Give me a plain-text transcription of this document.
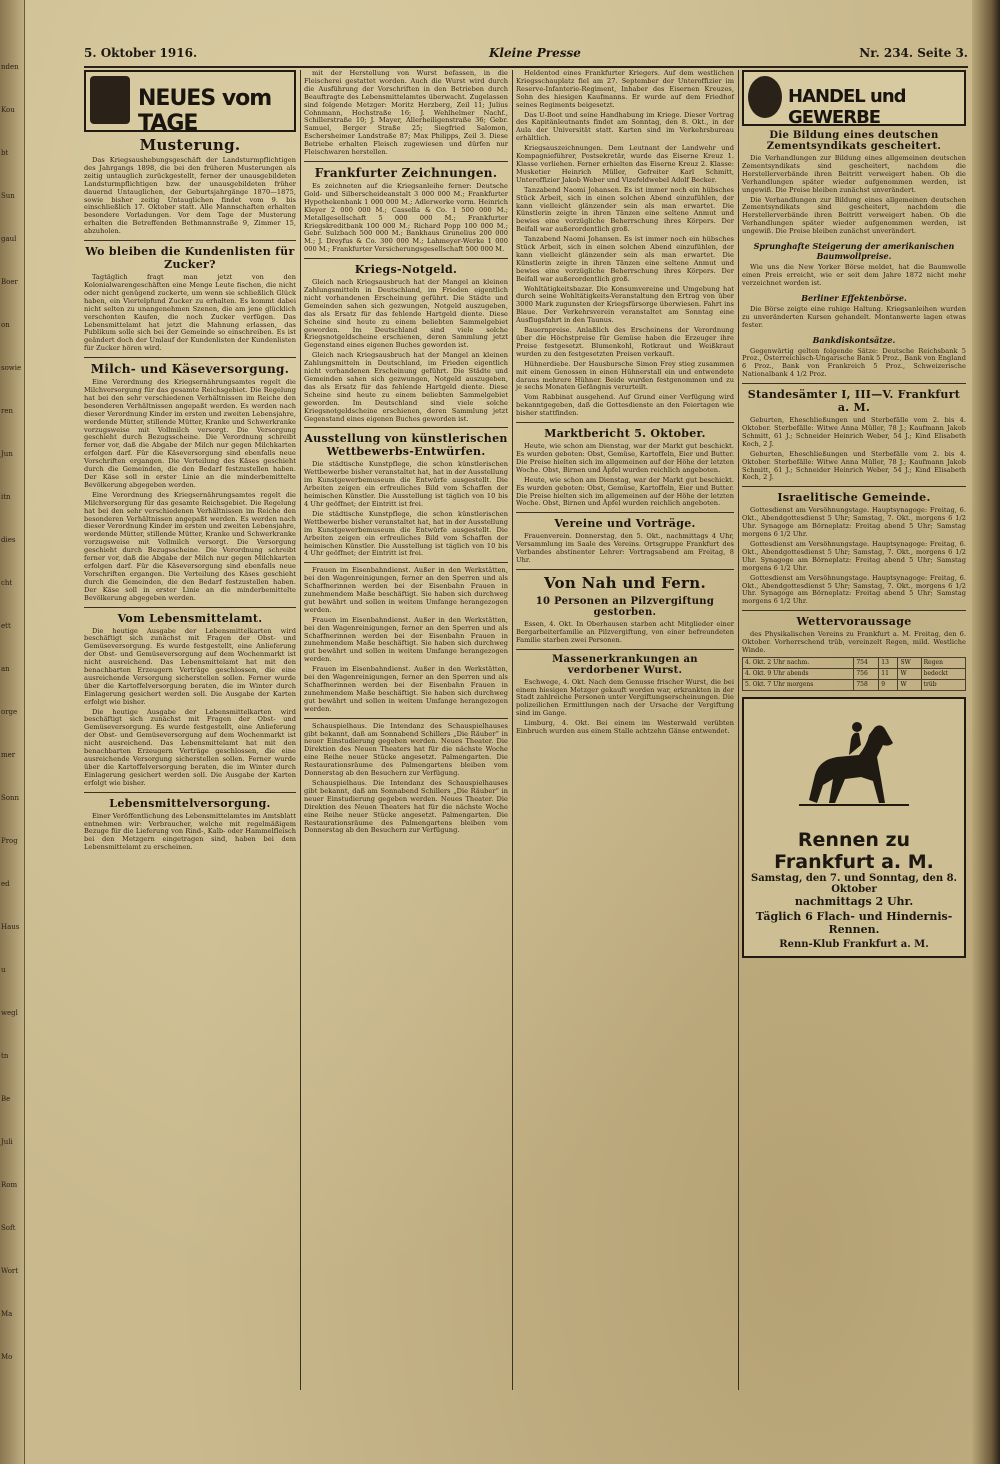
nden
Kou
bt
Sun
gaul
Boer
on
sowie
ren
Jun
itn
dies
cht
ett
an
orge
mer
Sonn
Prog
ed
Haus
u
wegl
tn
Be
Juli
Rom
Soft
Wort
Ma
Mo
5. Oktober 1916.	Kleine Presse	Nr. 234. Seite 3.
NEUES vom TAGE
Musterung.

Das Kriegsaushebungsgeschäft der Landsturmpflichtigen des Jahrgangs 1898, die bei den früheren Musterungen als zeitig untauglich zurückgestellt, ferner der unausgebildeten Landsturmpflichtigen bzw. der unausgebildeten früher dauernd Untauglichen, der Geburtsjahrgänge 1870—1875, sowie bisher zeitig Untauglichen findet vom 9. bis einschließlich 17. Oktober statt. Alle Mannschaften erhalten besondere Vorladungen. Vor dem Tage der Musterung erhalten die Betreffenden Bethmannstraße 9, Zimmer 15, abzuholen.

Wo bleiben die Kundenlisten für Zucker?

Tagtäglich fragt man jetzt von den Kolonialwarengeschäften eine Menge Leute fischen, die nicht oder nicht genügend zuckerte, um wenn sie schließlich Glück haben, ein Viertelpfund Zucker zu erhalten. Es kommt dabei nicht selten zu unangenehmen Szenen, die am jene glücklich verschonten Kaufen, die noch Zucker verfügen. Das Lebensmittelamt hat jetzt die Mahnung erlassen, das Publikum solle sich bei der Gemeinde so einschreiben. Es ist geändert doch der Umlauf der Kundenlisten der Kundenlisten für Zucker hören wird.

Milch- und Käseversorgung.

Eine Verordnung des Kriegsernährungsamtes regelt die Milchversorgung für das gesamte Reichsgebiet. Die Regelung hat bei den sehr verschiedenen Verhältnissen im Reiche den besonderen Verhältnissen angepaßt werden. Es werden nach dieser Verordnung Kinder im ersten und zweiten Lebensjahre, werdende Mütter, stillende Mütter, Kranke und Schwerkranke vorzugsweise mit Vollmilch versorgt. Die Versorgung geschieht durch Bezugsscheine. Die Verordnung schreibt ferner vor, daß die Abgabe der Milch nur gegen Milchkarten erfolgen darf. Für die Käseversorgung sind ebenfalls neue Vorschriften ergangen. Die Verteilung des Käses geschieht durch die Gemeinden, die den Bedarf festzustellen haben. Der Käse soll in erster Linie an die minderbemittelte Bevölkerung abgegeben werden.

Eine Verordnung des Kriegsernährungsamtes regelt die Milchversorgung für das gesamte Reichsgebiet. Die Regelung hat bei den sehr verschiedenen Verhältnissen im Reiche den besonderen Verhältnissen angepaßt werden. Es werden nach dieser Verordnung Kinder im ersten und zweiten Lebensjahre, werdende Mütter, stillende Mütter, Kranke und Schwerkranke vorzugsweise mit Vollmilch versorgt. Die Versorgung geschieht durch Bezugsscheine. Die Verordnung schreibt ferner vor, daß die Abgabe der Milch nur gegen Milchkarten erfolgen darf. Für die Käseversorgung sind ebenfalls neue Vorschriften ergangen. Die Verteilung des Käses geschieht durch die Gemeinden, die den Bedarf festzustellen haben. Der Käse soll in erster Linie an die minderbemittelte Bevölkerung abgegeben werden.

Vom Lebensmittelamt.

Die heutige Ausgabe der Lebensmittelkarten wird beschäftigt sich zunächst mit Fragen der Obst- und Gemüseversorgung. Es wurde festgestellt, eine Anlieferung der Obst- und Gemüseversorgung auf dem Wochenmarkt ist nicht ausreichend. Das Lebensmittelamt hat mit den benachbarten Erzeugern Verträge geschlossen, die eine ausreichende Versorgung sicherstellen sollen. Ferner wurde über die Kartoffelversorgung beraten, die im Winter durch Einlagerung gesichert werden soll. Die Ausgabe der Karten erfolgt wie bisher.

Die heutige Ausgabe der Lebensmittelkarten wird beschäftigt sich zunächst mit Fragen der Obst- und Gemüseversorgung. Es wurde festgestellt, eine Anlieferung der Obst- und Gemüseversorgung auf dem Wochenmarkt ist nicht ausreichend. Das Lebensmittelamt hat mit den benachbarten Erzeugern Verträge geschlossen, die eine ausreichende Versorgung sicherstellen sollen. Ferner wurde über die Kartoffelversorgung beraten, die im Winter durch Einlagerung gesichert werden soll. Die Ausgabe der Karten erfolgt wie bisher.

Lebensmittelversorgung.

Einer Veröffentlichung des Lebensmittelamtes im Amtsblatt entnehmen wir: Verbraucher, welche mit regelmäßigem Bezuge für die Lieferung von Rind-, Kalb- oder Hammelfleisch bei den Metzgern eingetragen sind, haben bei dem Lebensmittelamt zu erscheinen.

mit der Herstellung von Wurst befassen, in die Fleischerei gestattet worden. Auch die Wurst wird durch die Ausführung der Vorschriften in den Betrieben durch Beauftragte des Lebensmittelamtes überwacht. Zugelassen sind folgende Metzger: Moritz Herzberg, Zeil 11; Julius Cohnmann, Hochstraße 16; J. Wehlhelmer Nachf., Schillerstraße 10; J. Mayer, Allerheiligenstraße 36; Gebr. Samuel, Berger Straße 25; Siegfried Salomon, Eschersheimer Landstraße 87; Max Philipps, Zeil 3. Diese Betriebe erhalten Fleisch zugewiesen und dürfen nur Fleischwaren herstellen.

Frankfurter Zeichnungen.

Es zeichneten auf die Kriegsanleihe ferner: Deutsche Gold- und Silberscheideanstalt 3 000 000 M.; Frankfurter Hypothekenbank 1 000 000 M.; Adlerwerke vorm. Heinrich Kleyer 2 000 000 M.; Cassella & Co. 1 500 000 M.; Metallgesellschaft 5 000 000 M.; Frankfurter Kriegskreditbank 100 000 M.; Richard Popp 100 000 M.; Gebr. Sulzbach 500 000 M.; Bankhaus Grunelius 200 000 M.; J. Dreyfus & Co. 300 000 M.; Lahmeyer-Werke 1 000 000 M.; Frankfurter Versicherungsgesellschaft 500 000 M.

Kriegs-Notgeld.

Gleich nach Kriegsausbruch hat der Mangel an kleinen Zahlungsmitteln in Deutschland, im Frieden eigentlich nicht vorhandenen Erscheinung geführt. Die Städte und Gemeinden sahen sich gezwungen, Notgeld auszugeben, das als Ersatz für das fehlende Hartgeld diente. Diese Scheine sind heute zu einem beliebten Sammelgebiet geworden. Im Deutschland sind viele solche Kriegsnotgeldscheine erschienen, deren Sammlung jetzt Gegenstand eines eigenen Buches geworden ist.

Gleich nach Kriegsausbruch hat der Mangel an kleinen Zahlungsmitteln in Deutschland, im Frieden eigentlich nicht vorhandenen Erscheinung geführt. Die Städte und Gemeinden sahen sich gezwungen, Notgeld auszugeben, das als Ersatz für das fehlende Hartgeld diente. Diese Scheine sind heute zu einem beliebten Sammelgebiet geworden. Im Deutschland sind viele solche Kriegsnotgeldscheine erschienen, deren Sammlung jetzt Gegenstand eines eigenen Buches geworden ist.

Ausstellung von künstlerischen Wettbewerbs-Entwürfen.

Die städtische Kunstpflege, die schon künstlerischen Wettbewerbe bisher veranstaltet hat, hat in der Ausstellung im Kunstgewerbemuseum die Entwürfe ausgestellt. Die Arbeiten zeigen ein erfreuliches Bild vom Schaffen der heimischen Künstler. Die Ausstellung ist täglich von 10 bis 4 Uhr geöffnet; der Eintritt ist frei.

Die städtische Kunstpflege, die schon künstlerischen Wettbewerbe bisher veranstaltet hat, hat in der Ausstellung im Kunstgewerbemuseum die Entwürfe ausgestellt. Die Arbeiten zeigen ein erfreuliches Bild vom Schaffen der heimischen Künstler. Die Ausstellung ist täglich von 10 bis 4 Uhr geöffnet; der Eintritt ist frei.

Frauen im Eisenbahndienst. Außer in den Werkstätten, bei den Wagenreinigungen, ferner an den Sperren und als Schaffnerinnen werden bei der Eisenbahn Frauen in zunehmendem Maße beschäftigt. Sie haben sich durchweg gut bewährt und sollen in weitem Umfange herangezogen werden.

Frauen im Eisenbahndienst. Außer in den Werkstätten, bei den Wagenreinigungen, ferner an den Sperren und als Schaffnerinnen werden bei der Eisenbahn Frauen in zunehmendem Maße beschäftigt. Sie haben sich durchweg gut bewährt und sollen in weitem Umfange herangezogen werden.

Frauen im Eisenbahndienst. Außer in den Werkstätten, bei den Wagenreinigungen, ferner an den Sperren und als Schaffnerinnen werden bei der Eisenbahn Frauen in zunehmendem Maße beschäftigt. Sie haben sich durchweg gut bewährt und sollen in weitem Umfange herangezogen werden.

Schauspielhaus. Die Intendanz des Schauspielhauses gibt bekannt, daß am Sonnabend Schillers „Die Räuber“ in neuer Einstudierung gegeben werden. Neues Theater. Die Direktion des Neuen Theaters hat für die nächste Woche eine Reihe neuer Stücke angesetzt. Palmengarten. Die Restaurationsräume des Palmengartens bleiben vom Donnerstag ab den Besuchern zur Verfügung.

Schauspielhaus. Die Intendanz des Schauspielhauses gibt bekannt, daß am Sonnabend Schillers „Die Räuber“ in neuer Einstudierung gegeben werden. Neues Theater. Die Direktion des Neuen Theaters hat für die nächste Woche eine Reihe neuer Stücke angesetzt. Palmengarten. Die Restaurationsräume des Palmengartens bleiben vom Donnerstag ab den Besuchern zur Verfügung.

Heldentod eines Frankfurter Kriegers. Auf dem westlichen Kriegsschauplatz fiel am 27. September der Unteroffizier im Reserve-Infanterie-Regiment, Inhaber des Eisernen Kreuzes, Sohn des hiesigen Kaufmanns. Er wurde auf dem Friedhof seines Regiments beigesetzt.

Das U-Boot und seine Handhabung im Kriege. Dieser Vortrag des Kapitänleutnants findet am Sonntag, den 8. Okt., in der Aula der Universität statt. Karten sind im Verkehrsbureau erhältlich.

Kriegsauszeichnungen. Dem Leutnant der Landwehr und Kompagnieführer, Postsekretär, wurde das Eiserne Kreuz 1. Klasse verliehen. Ferner erhielten das Eiserne Kreuz 2. Klasse: Musketier Heinrich Müller, Gefreiter Karl Schmitt, Unteroffizier Jakob Weber und Vizefeldwebel Adolf Becker.

Tanzabend Naomi Johansen. Es ist immer noch ein hübsches Stück Arbeit, sich in einen solchen Abend einzufühlen, der kann vielleicht glänzender sein als man erwartet. Die Künstlerin zeigte in ihren Tänzen eine seltene Anmut und bewies eine vorzügliche Beherrschung ihres Körpers. Der Beifall war außerordentlich groß.

Tanzabend Naomi Johansen. Es ist immer noch ein hübsches Stück Arbeit, sich in einen solchen Abend einzufühlen, der kann vielleicht glänzender sein als man erwartet. Die Künstlerin zeigte in ihren Tänzen eine seltene Anmut und bewies eine vorzügliche Beherrschung ihres Körpers. Der Beifall war außerordentlich groß.

Wohltätigkeitsbazar. Die Konsumvereine und Umgebung hat durch seine Wohltätigkeits-Veranstaltung den Ertrag von über 3000 Mark zugunsten der Kriegsfürsorge überwiesen. Fahrt ins Blaue. Der Verkehrsverein veranstaltet am Sonntag eine Ausflugsfahrt in den Taunus.

Bauernpreise. Anlaßlich des Erscheinens der Verordnung über die Höchstpreise für Gemüse haben die Erzeuger ihre Preise festgesetzt. Blumenkohl, Rotkraut und Weißkraut wurden zu den festgesetzten Preisen verkauft.

Hühnerdiebe. Der Hausbursche Simon Frey stieg zusammen mit einem Genossen in einen Hühnerstall ein und entwendete daraus mehrere Hühner. Beide wurden festgenommen und zu je sechs Monaten Gefängnis verurteilt.

Vom Rabbinat ausgehend. Auf Grund einer Verfügung wird bekanntgegeben, daß die Gottesdienste an den Feiertagen wie bisher stattfinden.

Marktbericht 5. Oktober.

Heute, wie schon am Dienstag, war der Markt gut beschickt. Es wurden geboten: Obst, Gemüse, Kartoffeln, Eier und Butter. Die Preise hielten sich im allgemeinen auf der Höhe der letzten Woche. Obst, Birnen und Äpfel wurden reichlich angeboten.

Heute, wie schon am Dienstag, war der Markt gut beschickt. Es wurden geboten: Obst, Gemüse, Kartoffeln, Eier und Butter. Die Preise hielten sich im allgemeinen auf der Höhe der letzten Woche. Obst, Birnen und Äpfel wurden reichlich angeboten.

Vereine und Vorträge.

Frauenverein. Donnerstag, den 5. Okt., nachmittags 4 Uhr, Versammlung im Saale des Vereins. Ortsgruppe Frankfurt des Verbandes abstinenter Lehrer: Vortragsabend am Freitag, 8 Uhr.

Von Nah und Fern.
10 Personen an Pilzvergiftung gestorben.

Essen, 4. Okt. In Oberhausen starben acht Mitglieder einer Bergarbeiterfamilie an Pilzvergiftung, von einer befreundeten Familie starben zwei Personen.

Massenerkrankungen an verdorbener Wurst.

Eschwege, 4. Okt. Nach dem Genusse frischer Wurst, die bei einem hiesigen Metzger gekauft worden war, erkrankten in der Stadt zahlreiche Personen unter Vergiftungserscheinungen. Die polizeilichen Ermittlungen nach der Ursache der Vergiftung sind im Gange.

Limburg, 4. Okt. Bei einem im Westerwald verübten Einbruch wurden aus einem Stalle achtzehn Gänse entwendet.

HANDEL und GEWERBE
Die Bildung eines deutschen Zementsyndikats gescheitert.

Die Verhandlungen zur Bildung eines allgemeinen deutschen Zementsyndikats sind gescheitert, nachdem die Herstellerverbände ihren Beitritt verweigert haben. Ob die Verhandlungen später wieder aufgenommen werden, ist ungewiß. Die Preise bleiben zunächst unverändert.

Die Verhandlungen zur Bildung eines allgemeinen deutschen Zementsyndikats sind gescheitert, nachdem die Herstellerverbände ihren Beitritt verweigert haben. Ob die Verhandlungen später wieder aufgenommen werden, ist ungewiß. Die Preise bleiben zunächst unverändert.

Sprunghafte Steigerung der amerikanischen Baumwollpreise.

Wie uns die New Yorker Börse meldet, hat die Baumwolle einen Preis erreicht, wie er seit dem Jahre 1872 nicht mehr verzeichnet worden ist.

Berliner Effektenbörse.

Die Börse zeigte eine ruhige Haltung. Kriegsanleihen wurden zu unveränderten Kursen gehandelt. Montanwerte lagen etwas fester.

Bankdiskontsätze.

Gegenwärtig gelten folgende Sätze: Deutsche Reichsbank 5 Proz., Österreichisch-Ungarische Bank 5 Proz., Bank von England 6 Proz., Bank von Frankreich 5 Proz., Schweizerische Nationalbank 4 1/2 Proz.

Standesämter I, III—V. Frankfurt a. M.

Geburten, Eheschließungen und Sterbefälle vom 2. bis 4. Oktober. Sterbefälle: Witwe Anna Müller, 78 J.; Kaufmann Jakob Schmitt, 61 J.; Schneider Heinrich Weber, 54 J.; Kind Elisabeth Koch, 2 J.

Geburten, Eheschließungen und Sterbefälle vom 2. bis 4. Oktober. Sterbefälle: Witwe Anna Müller, 78 J.; Kaufmann Jakob Schmitt, 61 J.; Schneider Heinrich Weber, 54 J.; Kind Elisabeth Koch, 2 J.

Israelitische Gemeinde.

Gottesdienst am Versöhnungstage. Hauptsynagoge: Freitag, 6. Okt., Abendgottesdienst 5 Uhr; Samstag, 7. Okt., morgens 6 1/2 Uhr. Synagoge am Börneplatz: Freitag abend 5 Uhr; Samstag morgens 6 1/2 Uhr.

Gottesdienst am Versöhnungstage. Hauptsynagoge: Freitag, 6. Okt., Abendgottesdienst 5 Uhr; Samstag, 7. Okt., morgens 6 1/2 Uhr. Synagoge am Börneplatz: Freitag abend 5 Uhr; Samstag morgens 6 1/2 Uhr.

Gottesdienst am Versöhnungstage. Hauptsynagoge: Freitag, 6. Okt., Abendgottesdienst 5 Uhr; Samstag, 7. Okt., morgens 6 1/2 Uhr. Synagoge am Börneplatz: Freitag abend 5 Uhr; Samstag morgens 6 1/2 Uhr.

Wettervoraussage

des Physikalischen Vereins zu Frankfurt a. M. Freitag, den 6. Oktober. Vorherrschend trüb, vereinzelt Regen, mild. Westliche Winde.

4. Okt. 2 Uhr nachm.	754	13	SW	Regen
4. Okt. 9 Uhr abends	756	11	W	bedeckt
5. Okt. 7 Uhr morgens	758	9	W	trüb
Rennen zu Frankfurt a. M.
Samstag, den 7. und Sonntag, den 8. Oktober
nachmittags 2 Uhr.
Täglich 6 Flach- und Hindernis-Rennen.
Renn-Klub Frankfurt a. M.
